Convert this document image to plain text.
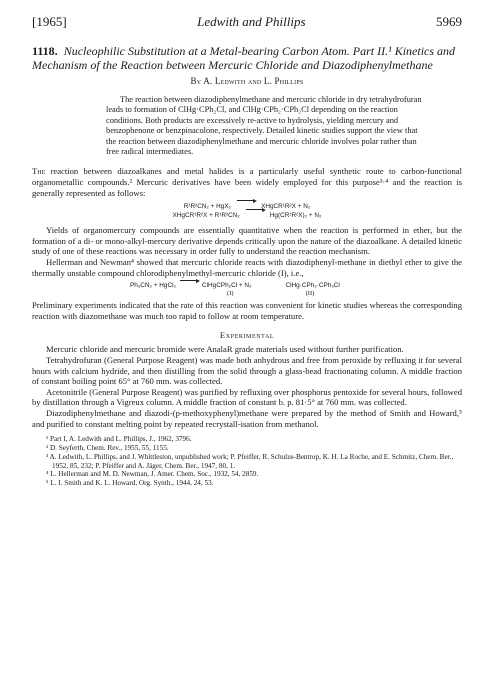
[1965]	Ledwith and Phillips	5969

1118. Nucleophilic Substitution at a Metal-bearing Carbon Atom. Part II.¹ Kinetics and Mechanism of the Reaction between Mercuric Chloride and Diazodiphenylmethane

By A. Ledwith and L. Phillips

The reaction between diazodiphenylmethane and mercuric chloride in dry tetrahydrofuran leads to formation of ClHg·CPh₂Cl, and ClHg·CPh₂·CPh₂Cl depending on the reaction conditions. Both products are excessively re-active to hydrolysis, yielding mercury and benzophenone or benzpinacolone, respectively. Detailed kinetic studies support the view that the reaction between diazodiphenylmethane and mercuric chloride involves polar rather than free radical intermediates.

The reaction between diazoalkanes and metal halides is a particularly useful synthetic route to carbon-functional organometallic compounds.² Mercuric derivatives have been widely employed for this purpose³·⁴ and the reaction is generally represented as follows:

R¹R²CN₂ + HgX₂	XHgCR¹R²X + N₂
XHgCR¹R²X + R¹R²CN₂	Hg(CR¹R²X)₂ + N₂

Yields of organomercury compounds are essentially quantitative when the reaction is performed in ether, but the formation of a di- or mono-alkyl-mercury derivative depends critically upon the nature of the diazoalkane. A detailed kinetic study of one of these reactions was necessary in order fully to understand the reaction mechanism.

Hellerman and Newman⁴ showed that mercuric chloride reacts with diazodiphenyl-methane in diethyl ether to give the thermally unstable compound chlorodiphenylmethyl-mercuric chloride (I), i.e.,

Ph₂CN₂ + HgCl₂	ClHgCPh₂Cl + N₂	ClHg·CPh₂·CPh₂Cl
(I)	(II)

Preliminary experiments indicated that the rate of this reaction was convenient for kinetic studies whereas the corresponding reaction with diazomethane was much too rapid to follow at room temperature.

Experimental

Mercuric chloride and mercuric bromide were AnalaR grade materials used without further purification.

Tetrahydrofuran (General Purpose Reagent) was made both anhydrous and free from peroxide by refluxing it for several hours with calcium hydride, and then distilling from the solid through a glass-bead fractionating column. A middle fraction of constant boiling point 65° at 760 mm. was collected.

Acetonitrile (General Purpose Reagent) was purified by refluxing over phosphorus pentoxide for several hours, followed by distillation through a Vigreux column. A middle fraction of constant b. p. 81·5° at 760 mm. was collected.

Diazodiphenylmethane and diazodi-(p-methoxyphenyl)methane were prepared by the method of Smith and Howard,⁵ and purified to constant melting point by repeated recrystall-isation from methanol.

¹ Part I, A. Ledwith and L. Phillips, J., 1962, 3796.
² D. Seyferth, Chem. Rev., 1955, 55, 1155.
³ A. Ledwith, L. Phillips, and J. Whittleston, unpublished work; P. Pfeiffer, R. Schulze-Bentrop, K. H. La Roche, and E. Schmitz, Chem. Ber., 1952, 85, 232; P. Pfeiffer and A. Jäger, Chem. Ber., 1947, 80, 1.
⁴ L. Hellerman and M. D. Newman, J. Amer. Chem. Soc., 1932, 54, 2859.
⁵ L. I. Smith and K. L. Howard, Org. Synth., 1944, 24, 53.
